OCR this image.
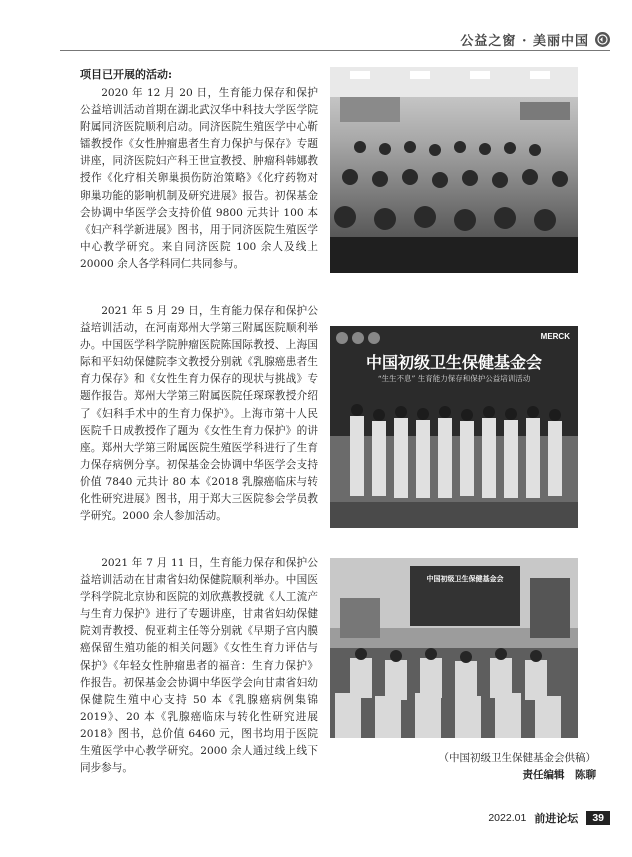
公益之窗 · 美丽中国
项目已开展的活动:

2020 年 12 月 20 日，生育能力保存和保护公益培训活动首期在湖北武汉华中科技大学医学院附属同济医院顺利启动。同济医院生殖医学中心靳镭教授作《女性肿瘤患者生育力保护与保存》专题讲座，同济医院妇产科王世宣教授、肿瘤科韩娜教授作《化疗相关卵巢损伤防治策略》《化疗药物对卵巢功能的影响机制及研究进展》报告。初保基金会协调中华医学会支持价值 9800 元共计 100 本《妇产科学新进展》图书，用于同济医院生殖医学中心教学研究。来自同济医院 100 余人及线上 20000 余人各学科同仁共同参与。

2021 年 5 月 29 日，生育能力保存和保护公益培训活动，在河南郑州大学第三附属医院顺利举办。中国医学科学院肿瘤医院陈国际教授、上海国际和平妇幼保健院李文教授分别就《乳腺癌患者生育力保存》和《女性生育力保存的现状与挑战》专题作报告。郑州大学第三附属医院任琛琛教授介绍了《妇科手术中的生育力保护》。上海市第十人民医院千日成教授作了题为《女性生育力保护》的讲座。郑州大学第三附属医院生殖医学科进行了生育力保存病例分享。初保基金会协调中华医学会支持价值 7840 元共计 80 本《2018 乳腺癌临床与转化性研究进展》图书，用于郑大三医院参会学员教学研究。2000 余人参加活动。

2021 年 7 月 11 日，生育能力保存和保护公益培训活动在甘肃省妇幼保健院顺利举办。中国医学科学院北京协和医院的刘欣燕教授就《人工流产与生育力保护》进行了专题讲座，甘肃省妇幼保健院刘青教授、倪亚莉主任等分别就《早期子宫内膜癌保留生殖功能的相关问题》《女性生育力评估与保护》《年轻女性肿瘤患者的福音：生育力保护》作报告。初保基金会协调中华医学会向甘肃省妇幼保健院生殖中心支持 50 本《乳腺癌病例集锦 2019》、20 本《乳腺癌临床与转化性研究进展 2018》图书，总价值 6460 元，图书均用于医院生殖医学中心教学研究。2000 余人通过线上线下同步参与。

MERCK
中国初级卫生保健基金会
“生生不息” 生育能力保存和保护公益培训活动
中国初级卫生保健基金会
（中国初级卫生保健基金会供稿）
责任编辑　陈聊
2022.01 前进论坛	39
